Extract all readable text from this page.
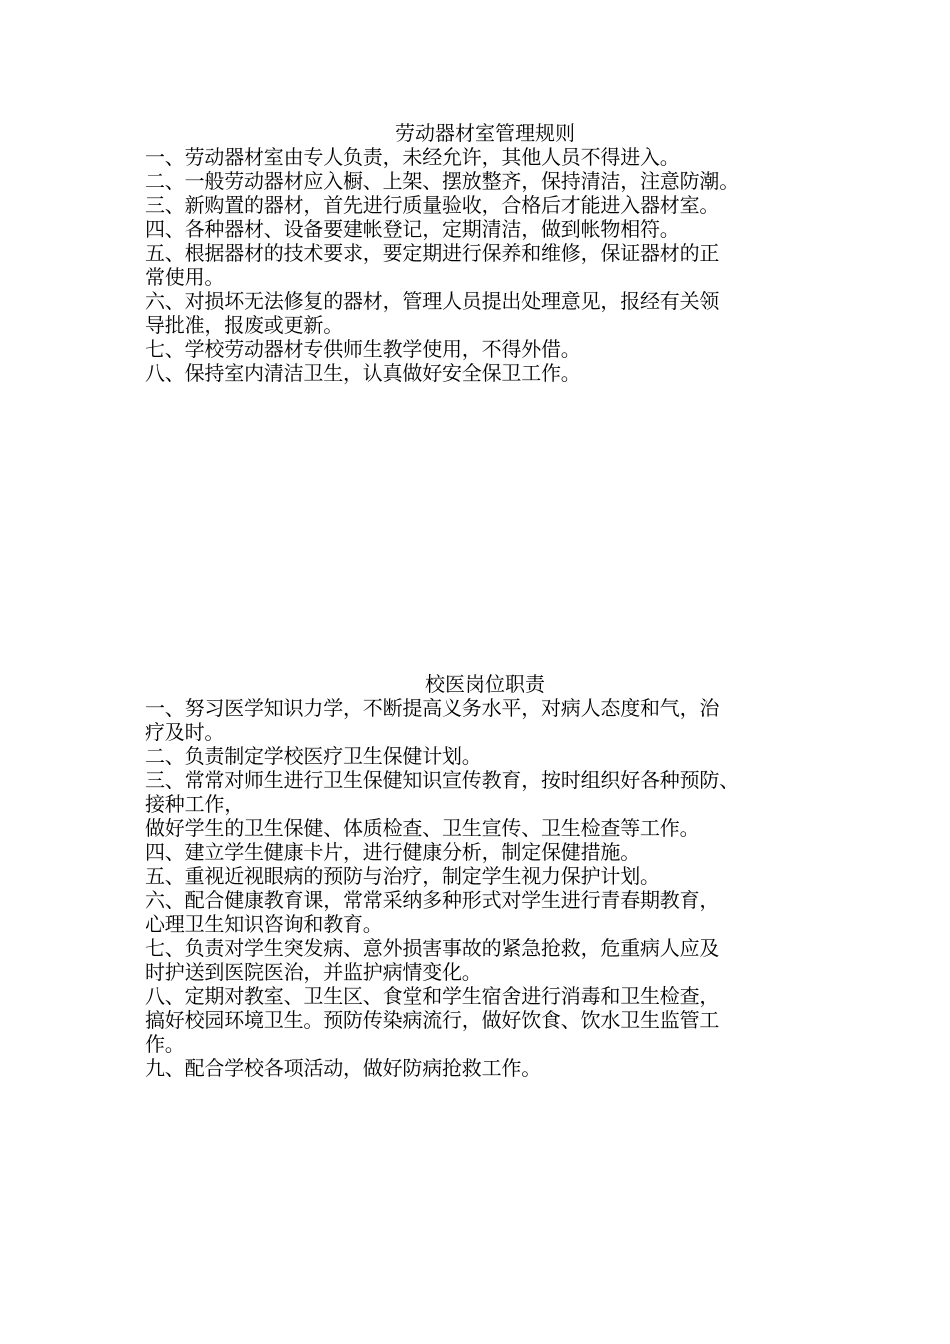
劳动器材室管理规则

一、劳动器材室由专人负责，未经允许，其他人员不得进入。

二、一般劳动器材应入橱、上架、摆放整齐，保持清洁，注意防潮。

三、新购置的器材，首先进行质量验收，合格后才能进入器材室。

四、各种器材、设备要建帐登记，定期清洁，做到帐物相符。

五、根据器材的技术要求，要定期进行保养和维修，保证器材的正

常使用。

六、对损坏无法修复的器材，管理人员提出处理意见，报经有关领

导批准，报废或更新。

七、学校劳动器材专供师生教学使用，不得外借。

八、保持室内清洁卫生，认真做好安全保卫工作。

校医岗位职责

一、努习医学知识力学，不断提高义务水平，对病人态度和气，治

疗及时。

二、负责制定学校医疗卫生保健计划。

三、常常对师生进行卫生保健知识宣传教育，按时组织好各种预防、

接种工作，

做好学生的卫生保健、体质检查、卫生宣传、卫生检查等工作。

四、建立学生健康卡片，进行健康分析，制定保健措施。

五、重视近视眼病的预防与治疗，制定学生视力保护计划。

六、配合健康教育课，常常采纳多种形式对学生进行青春期教育，

心理卫生知识咨询和教育。

七、负责对学生突发病、意外损害事故的紧急抢救，危重病人应及

时护送到医院医治，并监护病情变化。

八、定期对教室、卫生区、食堂和学生宿舍进行消毒和卫生检查，

搞好校园环境卫生。预防传染病流行，做好饮食、饮水卫生监管工

作。

九、配合学校各项活动，做好防病抢救工作。
